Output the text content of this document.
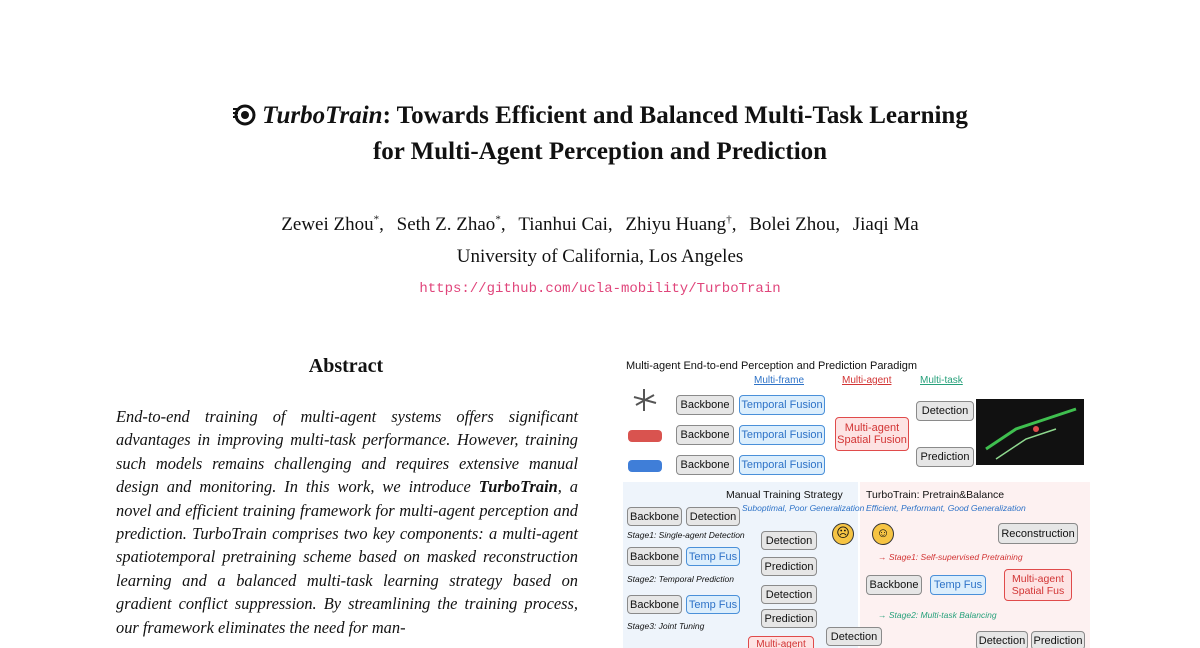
TurboTrain: Towards Efficient and Balanced Multi-Task Learning
for Multi-Agent Perception and Prediction
Zewei Zhou*, Seth Z. Zhao*, Tianhui Cai, Zhiyu Huang†, Bolei Zhou, Jiaqi Ma
University of California, Los Angeles
https://github.com/ucla-mobility/TurboTrain
Abstract
End-to-end training of multi-agent systems offers significant advantages in improving multi-task performance. However, training such models remains challenging and requires extensive manual design and monitoring. In this work, we introduce TurboTrain, a novel and efficient training framework for multi-agent perception and prediction. TurboTrain comprises two key components: a multi-agent spatiotemporal pretraining scheme based on masked reconstruction learning and a balanced multi-task learning strategy based on gradient conflict suppression. By streamlining the training process, our framework eliminates the need for man-
Multi-agent End-to-end Perception and Prediction Paradigm
Multi-frame	Multi-agent	Multi-task
Backbone
Backbone
Backbone
Temporal Fusion
Temporal Fusion
Temporal Fusion
Multi-agent
Spatial Fusion
Detection
Prediction
Manual Training Strategy
Suboptimal, Poor Generalization
TurboTrain: Pretrain&Balance
Efficient, Performant, Good Generalization
Backbone Detection
Stage1: Single-agent Detection
Backbone Temp Fus
Detection
Prediction
Stage2: Temporal Prediction
Backbone Temp Fus
Detection
Prediction
Stage3: Joint Tuning
Multi-agent
Detection
☹	☺	Reconstruction
→ Stage1: Self-supervised Pretraining
Backbone	Temp Fus	Multi-agent
Spatial Fus
→ Stage2: Multi-task Balancing
Detection Prediction
